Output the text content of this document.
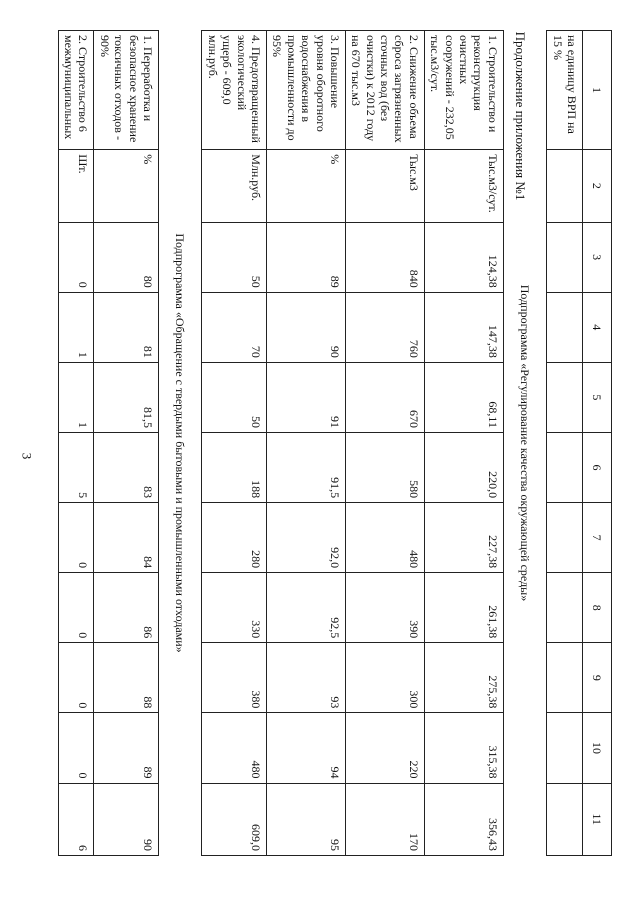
3
Продолжение приложения №1	1	2	3	4	5	6	7	8	9	10	11
на единицу ВРП на 15 %										
Подпрограмма «Регулирование качества окружающей среды»										
1. Строительство и реконструкция очистных сооружений - 232,05 тыс.м3/сут.	Тыс.м3/сут.	124,38	147,38	68,11	220,0	227,38	261,38	275,38	315,38	356,43
2. Снижение объема сброса загрязненных сточных вод (без очистки) к 2012 году на 670 тыс.м3	Тыс.м3	840	760	670	580	480	390	300	220	170
3. Повышение уровня оборотного водоснабжения в промышленности до 95%	%	89	90	91	91,5	92,0	92,5	93	94	95
4. Предотвращенный экологический ущерб - 609,0 млн.руб.	Млн.руб.	50	70	50	188	280	330	380	480	609,0
Подпрограмма «Обращение с твердыми бытовыми и промышленными отходами»										
1. Переработка и безопасное хранение токсичных отходов - 90%	%	80	81	81,5	83	84	86	88	89	90
2. Строительство 6 межмуниципальных	Шт.	0	1	1	5	0	0	0	0	6
